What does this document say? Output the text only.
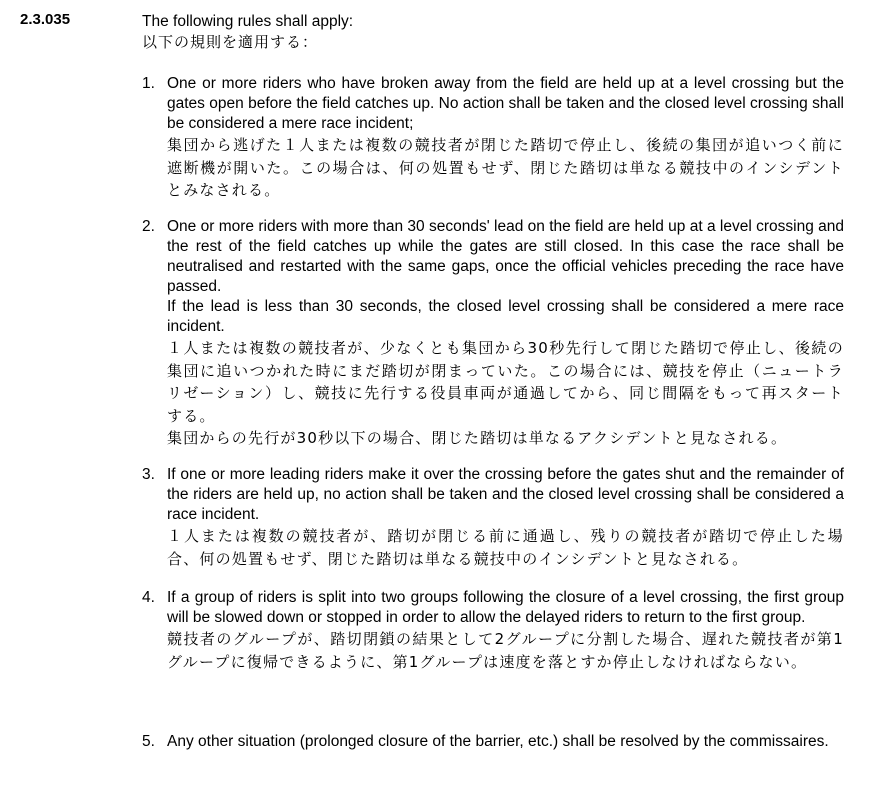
2.3.035	The following rules shall apply:
以下の規則を適用する：
1. One or more riders who have broken away from the field are held up at a level crossing but the gates open before the field catches up. No action shall be taken and the closed level crossing shall be considered a mere race incident;
集団から逃げた１人または複数の競技者が閉じた踏切で停止し、後続の集団が追いつく前に遮断機が開いた。この場合は、何の処置もせず、閉じた踏切は単なる競技中のインシデントとみなされる。
2. One or more riders with more than 30 seconds' lead on the field are held up at a level crossing and the rest of the field catches up while the gates are still closed. In this case the race shall be neutralised and restarted with the same gaps, once the official vehicles preceding the race have passed.
If the lead is less than 30 seconds, the closed level crossing shall be considered a mere race incident.
１人または複数の競技者が、少なくとも集団から30秒先行して閉じた踏切で停止し、後続の集団に追いつかれた時にまだ踏切が閉まっていた。この場合には、競技を停止（ニュートラリゼーション）し、競技に先行する役員車両が通過してから、同じ間隔をもって再スタートする。
集団からの先行が30秒以下の場合、閉じた踏切は単なるアクシデントと見なされる。
3. If one or more leading riders make it over the crossing before the gates shut and the remainder of the riders are held up, no action shall be taken and the closed level crossing shall be considered a race incident.
１人または複数の競技者が、踏切が閉じる前に通過し、残りの競技者が踏切で停止した場合、何の処置もせず、閉じた踏切は単なる競技中のインシデントと見なされる。
4. If a group of riders is split into two groups following the closure of a level crossing, the first group will be slowed down or stopped in order to allow the delayed riders to return to the first group.
競技者のグループが、踏切閉鎖の結果として2グループに分割した場合、遅れた競技者が第1グループに復帰できるように、第1グループは速度を落とすか停止しなければならない。
5. Any other situation (prolonged closure of the barrier, etc.) shall be resolved by the commissaires.
